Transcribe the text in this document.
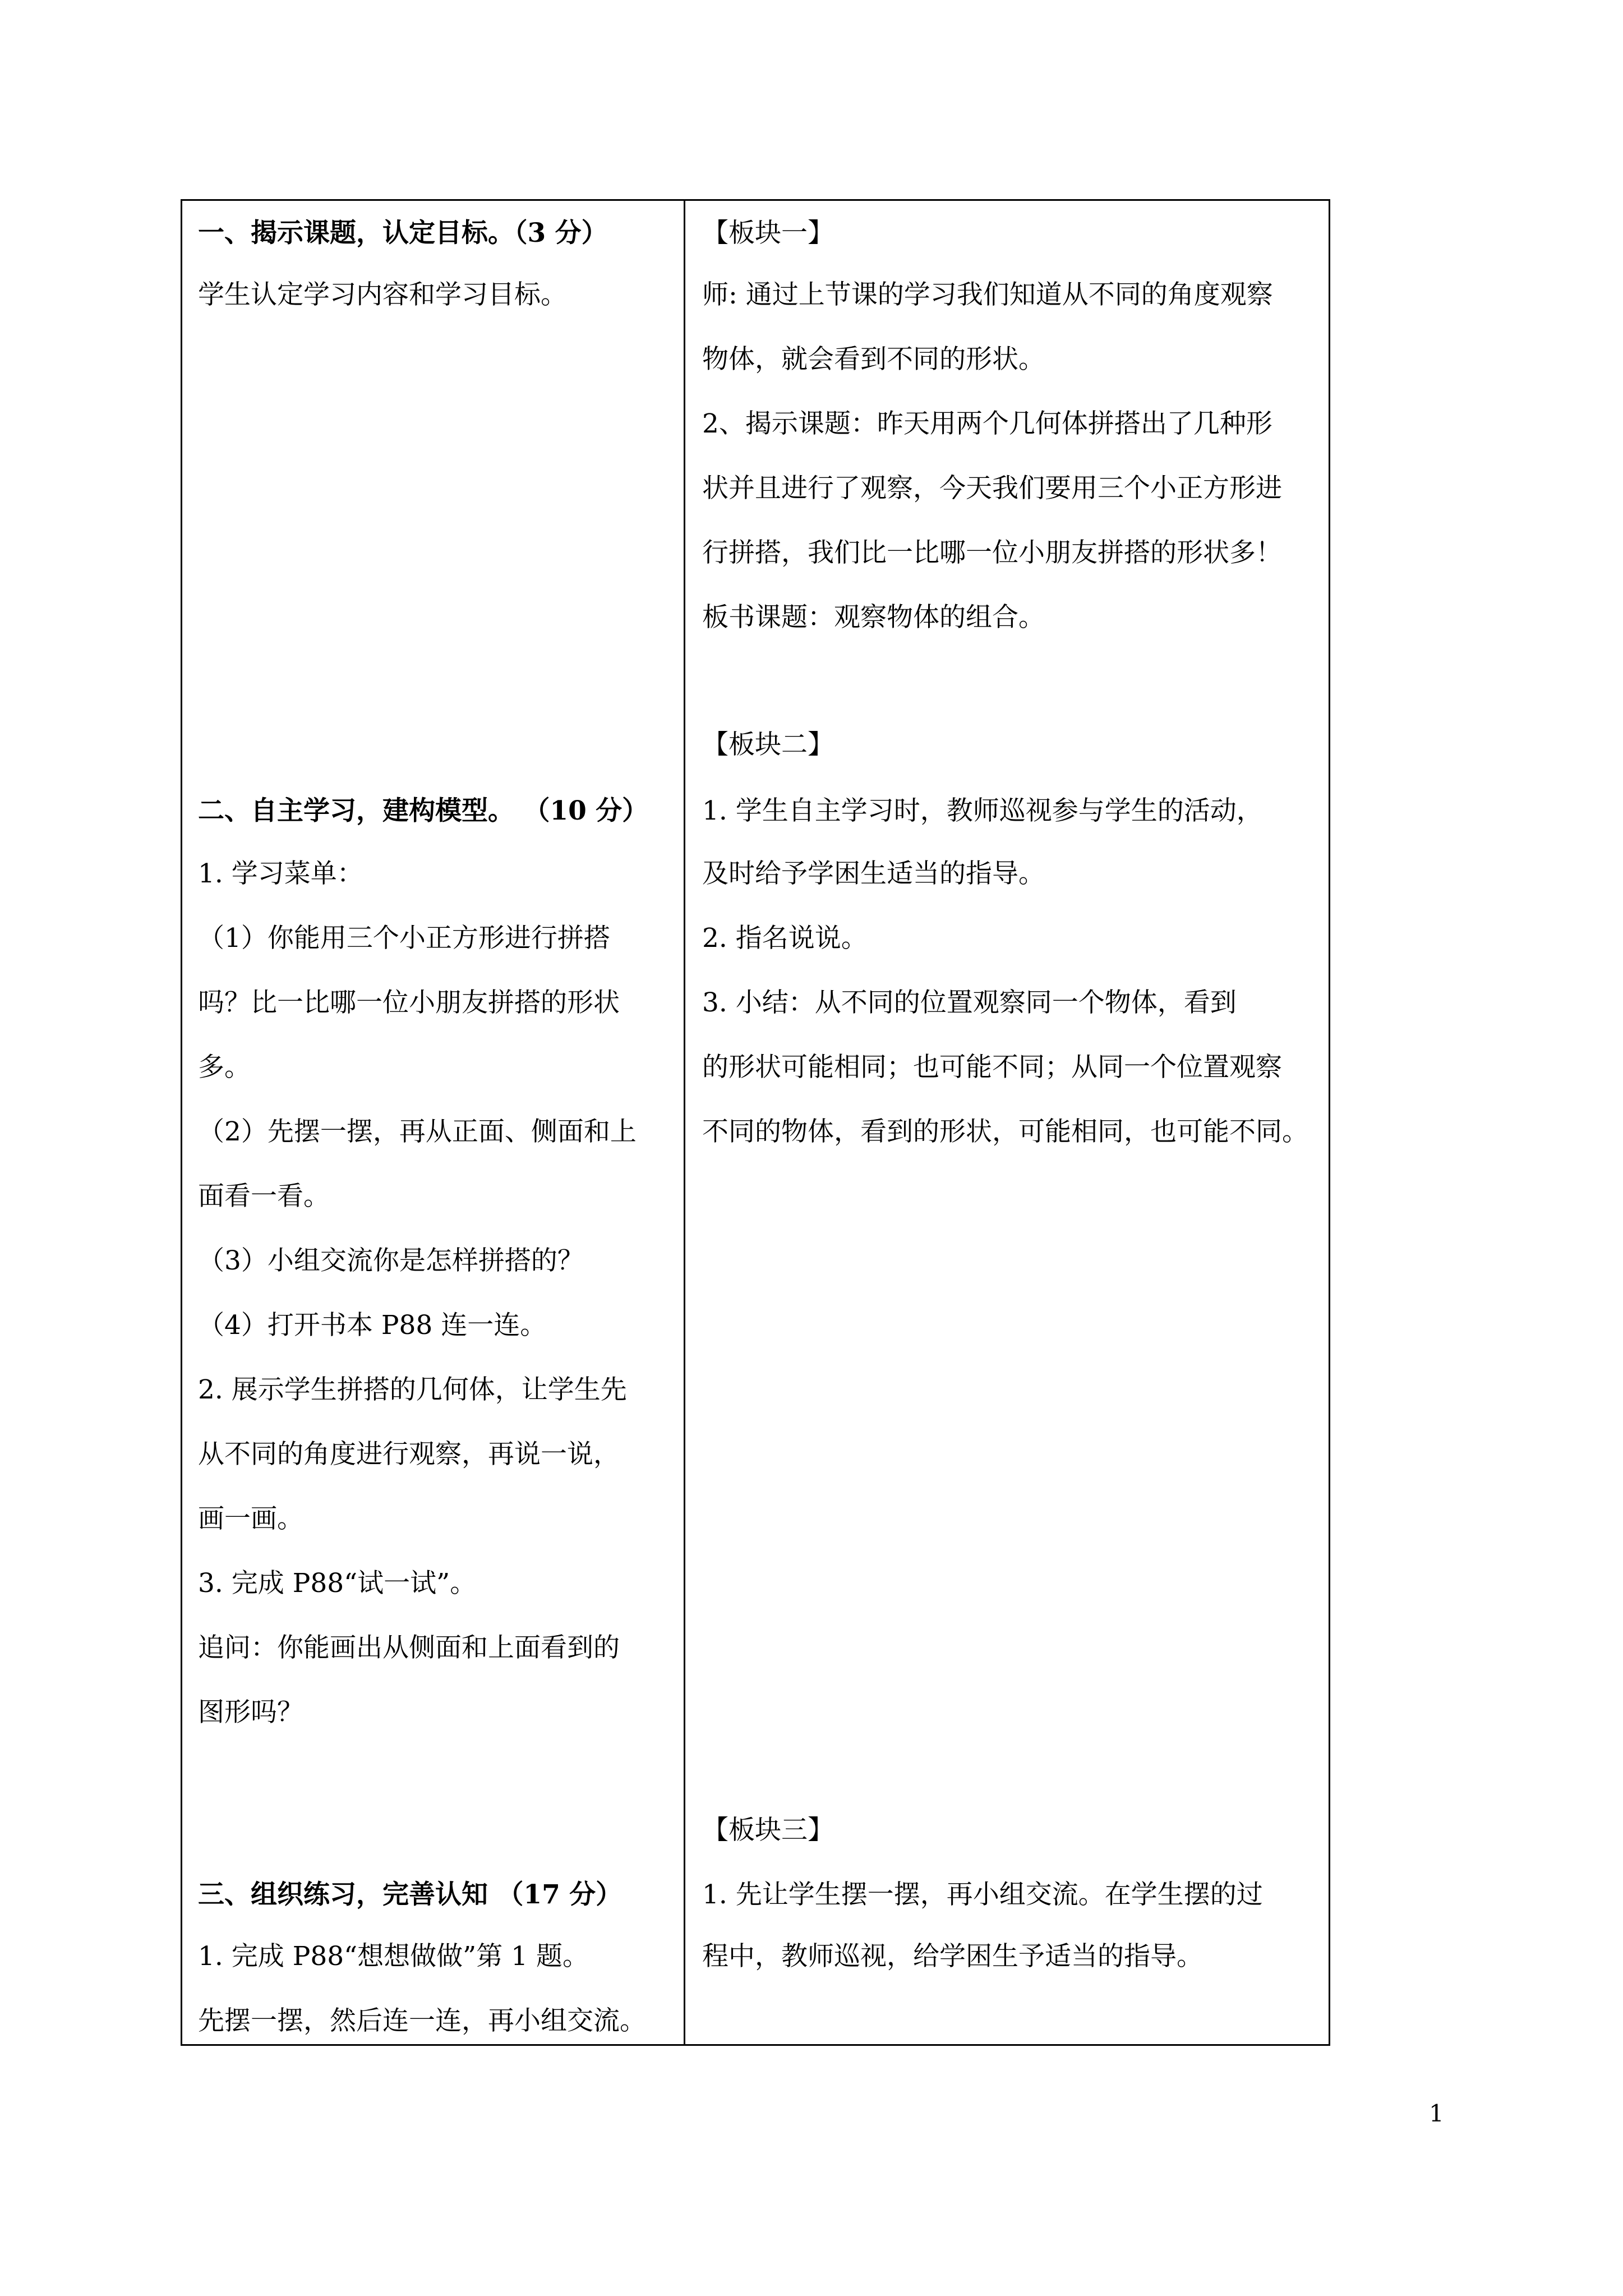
一、揭示课题，认定目标。（3 分）
学生认定学习内容和学习目标。
二、自主学习，建构模型。 （10 分）
1. 学习菜单：
（1）你能用三个小正方形进行拼搭
吗？比一比哪一位小朋友拼搭的形状
多。
（2）先摆一摆，再从正面、侧面和上
面看一看。
（3）小组交流你是怎样拼搭的？
（4）打开书本 P88 连一连。
2. 展示学生拼搭的几何体，让学生先
从不同的角度进行观察，再说一说，
画一画。
3. 完成 P88“试一试”。
追问：你能画出从侧面和上面看到的
图形吗？
三、组织练习，完善认知 （17 分）
1. 完成 P88“想想做做”第 1 题。
先摆一摆，然后连一连，再小组交流。
【板块一】
师: 通过上节课的学习我们知道从不同的角度观察
物体，就会看到不同的形状。
2、揭示课题：昨天用两个几何体拼搭出了几种形
状并且进行了观察，今天我们要用三个小正方形进
行拼搭，我们比一比哪一位小朋友拼搭的形状多！
板书课题：观察物体的组合。
【板块二】
1. 学生自主学习时，教师巡视参与学生的活动，
及时给予学困生适当的指导。
2. 指名说说。
3. 小结：从不同的位置观察同一个物体，看到
的形状可能相同；也可能不同；从同一个位置观察
不同的物体，看到的形状，可能相同，也可能不同。
【板块三】
1. 先让学生摆一摆，再小组交流。在学生摆的过
程中，教师巡视，给学困生予适当的指导。
1
